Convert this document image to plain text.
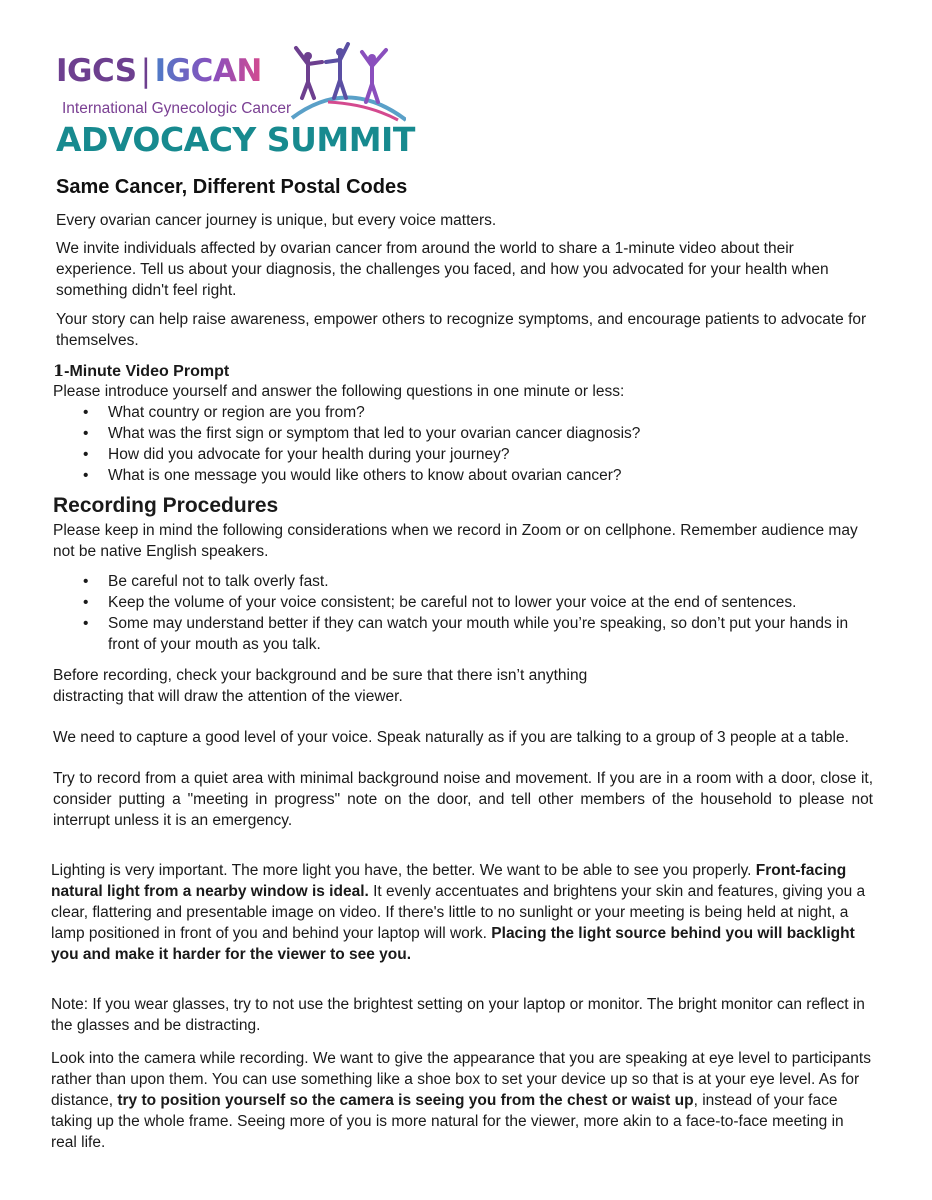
IGCS | IGCAN
International Gynecologic Cancer
ADVOCACY SUMMIT
Same Cancer, Different Postal Codes

Every ovarian cancer journey is unique, but every voice matters.

We invite individuals affected by ovarian cancer from around the world to share a 1-minute video about their experience. Tell us about your diagnosis, the challenges you faced, and how you advocated for your health when something didn't feel right.

Your story can help raise awareness, empower others to recognize symptoms, and encourage patients to advocate for themselves.

1-Minute Video Prompt

Please introduce yourself and answer the following questions in one minute or less:

• What country or region are you from?
• What was the first sign or symptom that led to your ovarian cancer diagnosis?
• How did you advocate for your health during your journey?
• What is one message you would like others to know about ovarian cancer?
Recording Procedures

Please keep in mind the following considerations when we record in Zoom or on cellphone. Remember audience may not be native English speakers.

• Be careful not to talk overly fast.
• Keep the volume of your voice consistent; be careful not to lower your voice at the end of sentences.
• Some may understand better if they can watch your mouth while you’re speaking, so don’t put your hands in front of your mouth as you talk.

Before recording, check your background and be sure that there isn’t anything distracting that will draw the attention of the viewer.

We need to capture a good level of your voice. Speak naturally as if you are talking to a group of 3 people at a table.

Try to record from a quiet area with minimal background noise and movement. If you are in a room with a door, close it, consider putting a "meeting in progress" note on the door, and tell other members of the household to please not interrupt unless it is an emergency.

Lighting is very important. The more light you have, the better. We want to be able to see you properly. Front-facing natural light from a nearby window is ideal. It evenly accentuates and brightens your skin and features, giving you a clear, flattering and presentable image on video. If there's little to no sunlight or your meeting is being held at night, a lamp positioned in front of you and behind your laptop will work. Placing the light source behind you will backlight you and make it harder for the viewer to see you.

Note: If you wear glasses, try to not use the brightest setting on your laptop or monitor. The bright monitor can reflect in the glasses and be distracting.

Look into the camera while recording. We want to give the appearance that you are speaking at eye level to participants rather than upon them. You can use something like a shoe box to set your device up so that is at your eye level. As for distance, try to position yourself so the camera is seeing you from the chest or waist up, instead of your face taking up the whole frame. Seeing more of you is more natural for the viewer, more akin to a face-to-face meeting in real life.
